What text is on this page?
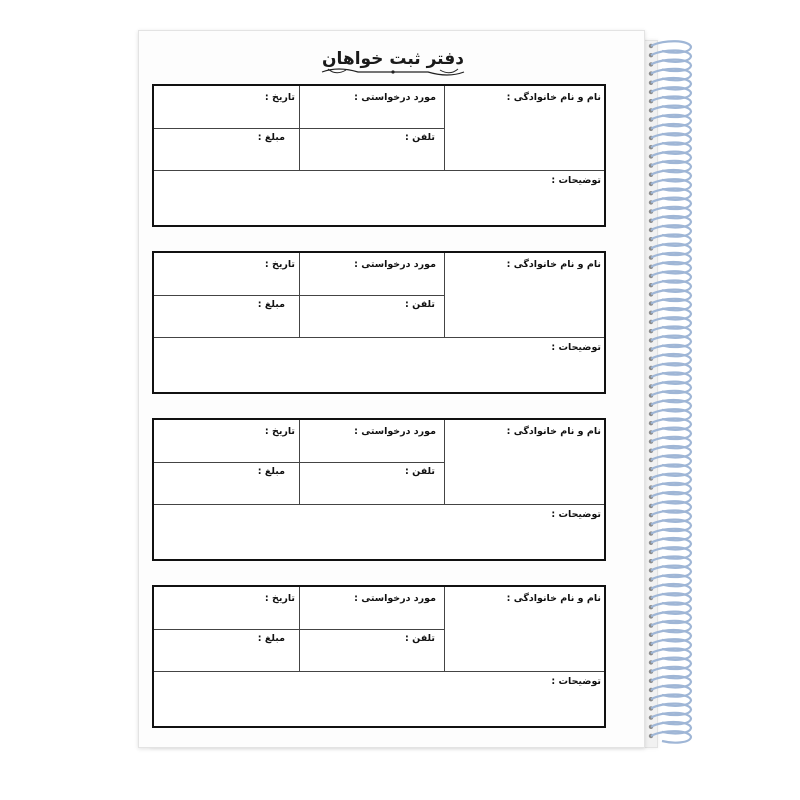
دفتر ثبت خواهان
نام و نام خانوادگی :
مورد درخواستی :
تاریخ :
تلفن :
مبلغ :
توضیحات :
نام و نام خانوادگی :
مورد درخواستی :
تاریخ :
تلفن :
مبلغ :
توضیحات :
نام و نام خانوادگی :
مورد درخواستی :
تاریخ :
تلفن :
مبلغ :
توضیحات :
نام و نام خانوادگی :
مورد درخواستی :
تاریخ :
تلفن :
مبلغ :
توضیحات :
